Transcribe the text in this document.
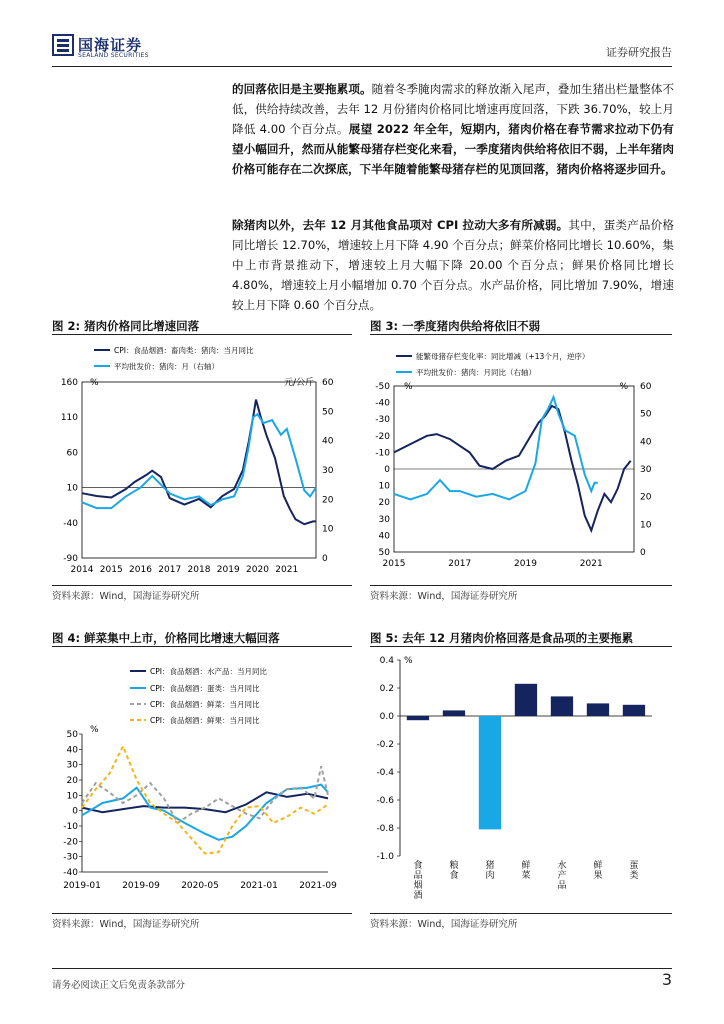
国海证券
SEALAND SECURITIES	证券研究报告
的回落依旧是主要拖累项。随着冬季腌肉需求的释放渐入尾声，叠加生猪出栏量整体不低，供给持续改善，去年 12 月份猪肉价格同比增速再度回落，下跌 36.70%，较上月降低 4.00 个百分点。展望 2022 年全年，短期内，猪肉价格在春节需求拉动下仍有望小幅回升，然而从能繁母猪存栏变化来看，一季度猪肉供给将依旧不弱，上半年猪肉价格可能存在二次探底，下半年随着能繁母猪存栏的见顶回落，猪肉价格将逐步回升。
除猪肉以外，去年 12 月其他食品项对 CPI 拉动大多有所减弱。其中，蛋类产品价格同比增长 12.70%，增速较上月下降 4.90 个百分点；鲜菜价格同比增长 10.60%，集中上市背景推动下，增速较上月大幅下降 20.00 个百分点；鲜果价格同比增长 4.80%，增速较上月小幅增加 0.70 个百分点。水产品价格，同比增加 7.90%，增速较上月下降 0.60 个百分点。
图 2: 猪肉价格同比增速回落	图 3: 一季度猪肉供给将依旧不弱
CPI：食品烟酒：畜肉类：猪肉：当月同比
平均批发价：猪肉：月（右轴）
%	元/公斤
160
110
60
10
-40
-90
60
50
40
30
20
10
0
2014 2015 2016 2017 2018 2019 2020 2021
能繁母猪存栏变化率：同比增减（+13个月，逆序）
平均批发价：猪肉：月同比（右轴）
%	%
-50
-40
-30
-20
-10
0
10
20
30
40
50
60
50
40
30
20
10
0
2015	2017	2019	2021
资料来源：Wind，国海证券研究所	资料来源：Wind，国海证券研究所
图 4: 鲜菜集中上市，价格同比增速大幅回落	图 5: 去年 12 月猪肉价格回落是食品项的主要拖累
CPI：食品烟酒：水产品：当月同比
CPI：食品烟酒：蛋类：当月同比
CPI：食品烟酒：鲜菜：当月同比
CPI：食品烟酒：鲜果：当月同比
%
50
40
30
20
10
0
-10
-20
-30
-40
2019-01 2019-09 2020-05 2021-01 2021-09
%
0.4
0.2
0.0
-0.2
-0.4
-0.6
-0.8
-1.0
食品烟酒
粮食
猪肉
鲜菜
水产品
鲜果
蛋类
资料来源：Wind，国海证券研究所	资料来源：Wind，国海证券研究所
请务必阅读正文后免责条款部分	3
